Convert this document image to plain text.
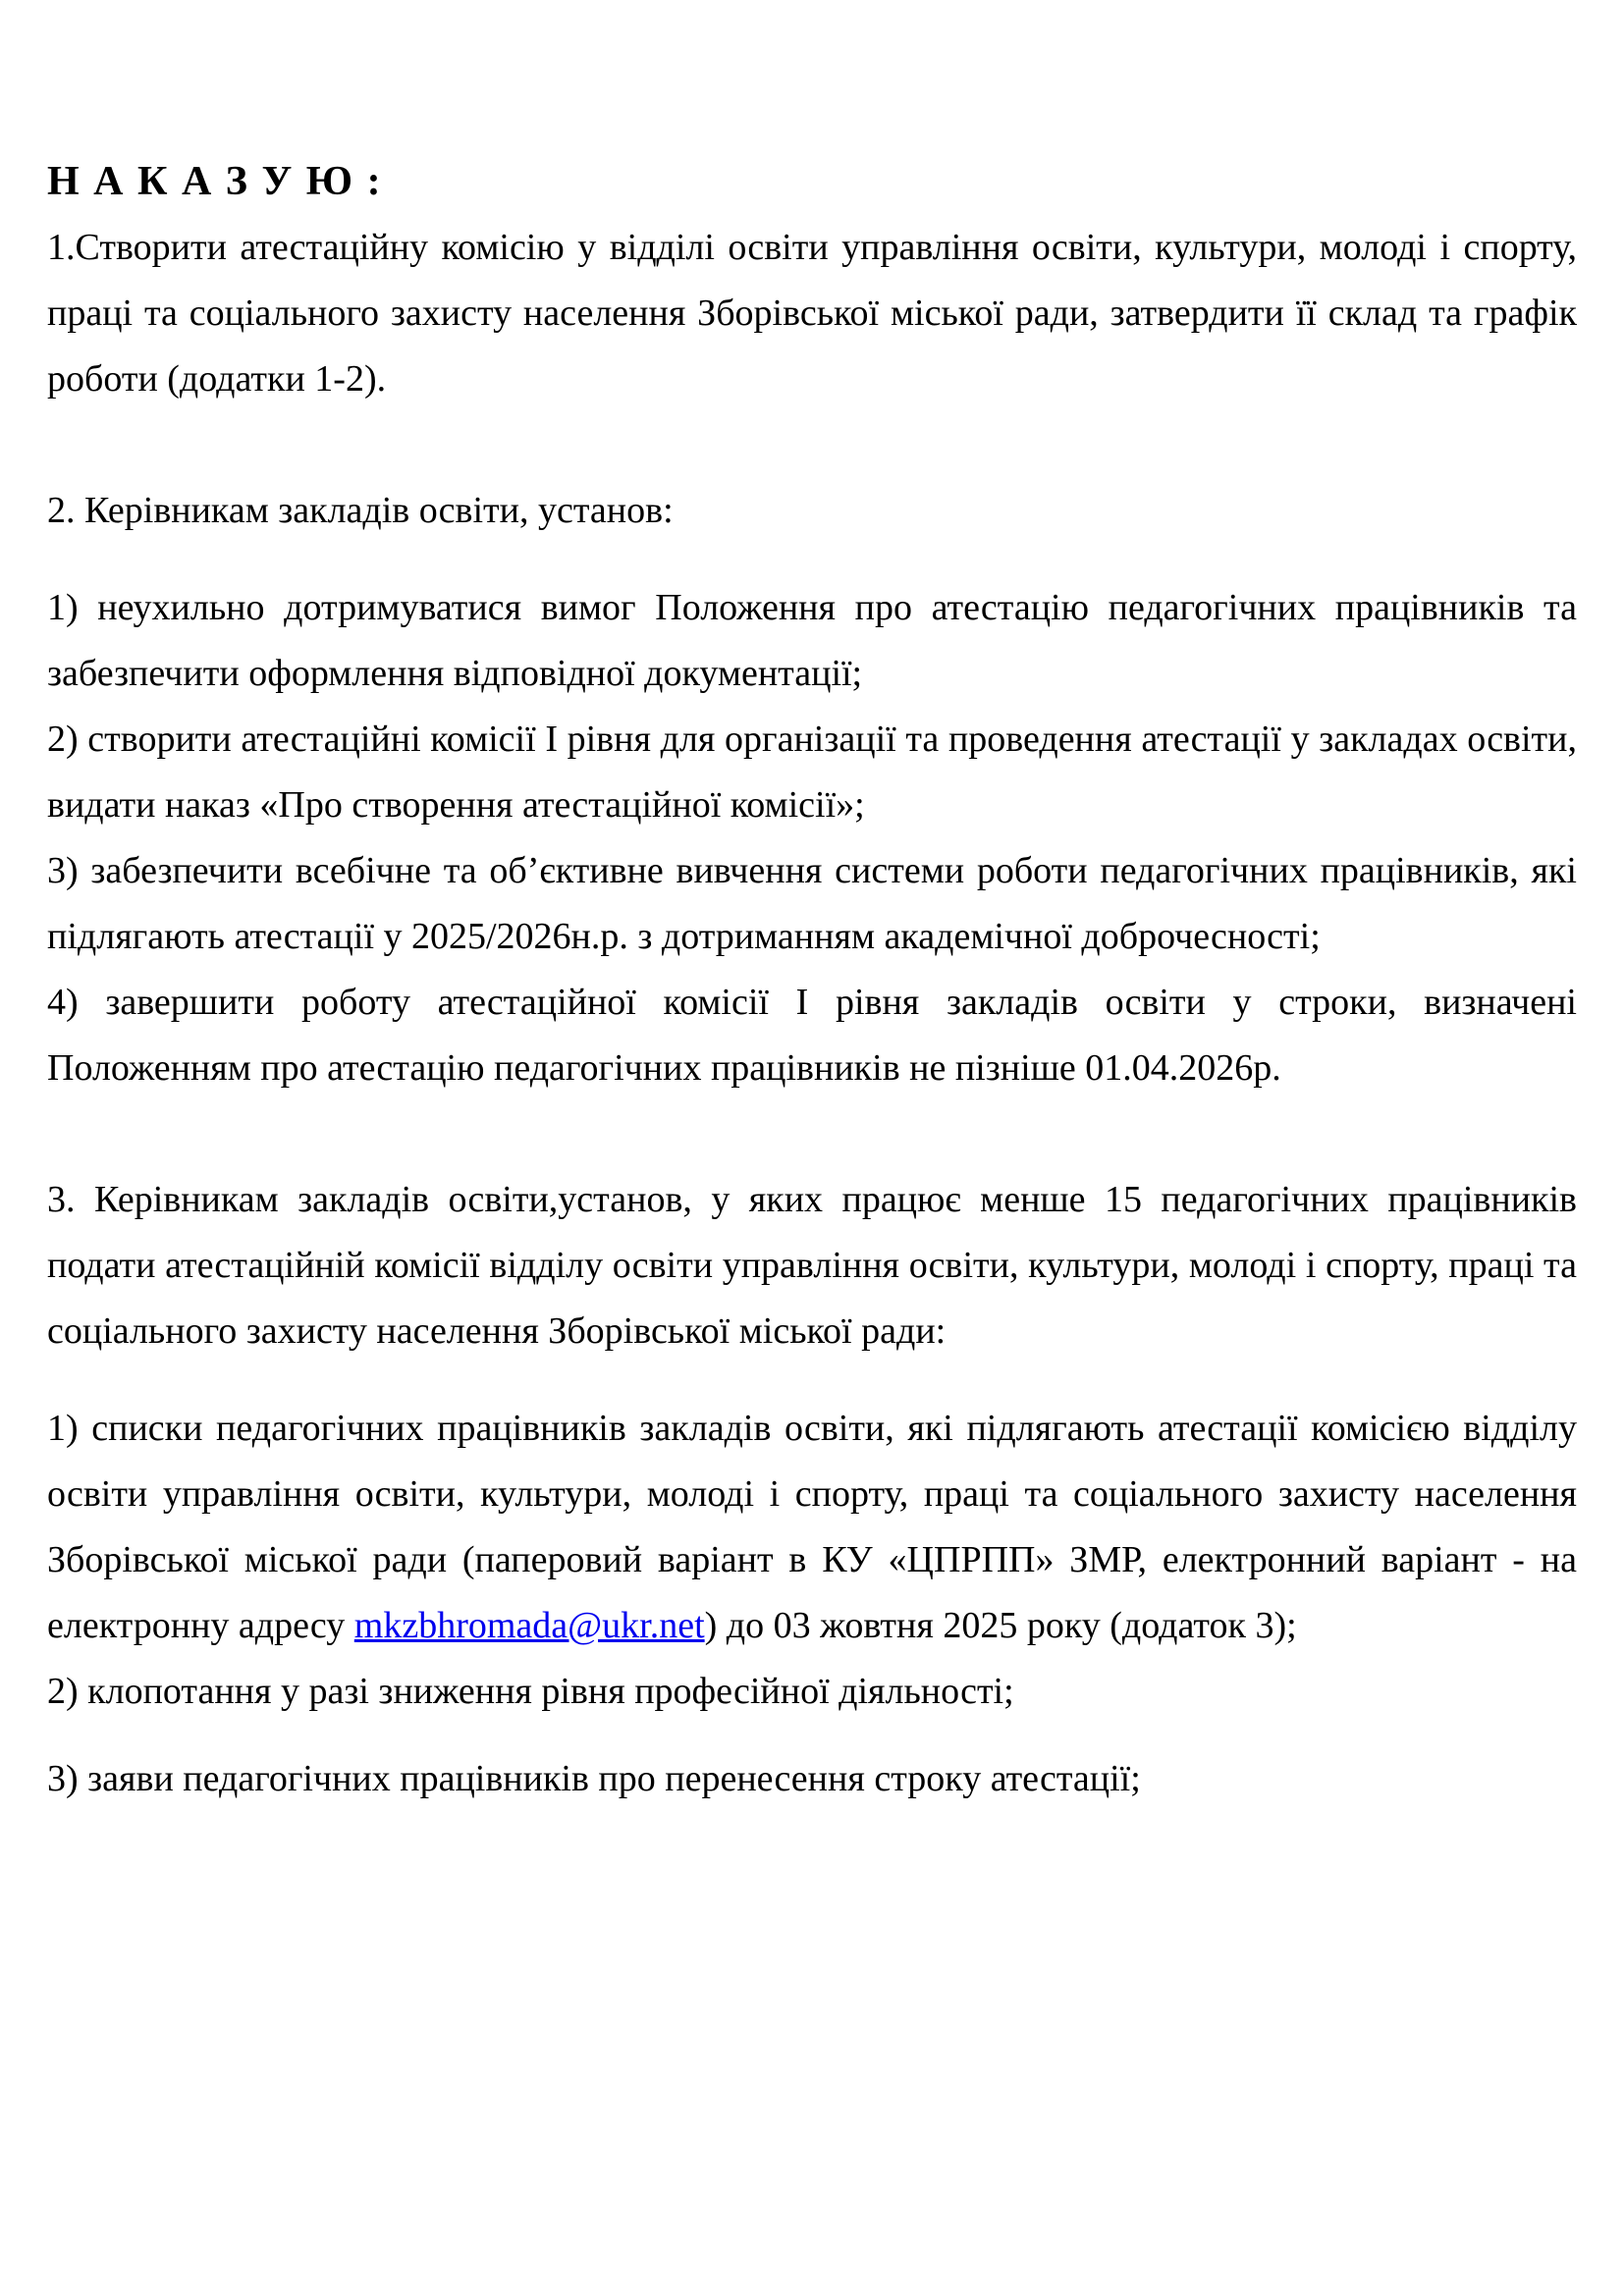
Н А К А З У Ю :

1.Створити атестаційну комісію у відділі освіти управління освіти, культури, молоді і спорту, праці та соціального захисту населення Зборівської міської ради, затвердити її склад та графік роботи (додатки 1-2).

2. Керівникам закладів освіти, установ:

1) неухильно дотримуватися вимог Положення про атестацію педагогічних працівників та забезпечити оформлення відповідної документації;

2) створити атестаційні комісії І рівня для організації та проведення атестації у закладах освіти, видати наказ «Про створення атестаційної комісії»;

3) забезпечити всебічне та об’єктивне вивчення системи роботи педагогічних працівників, які підлягають атестації у 2025/2026н.р. з дотриманням академічної доброчесності;

4) завершити роботу атестаційної комісії І рівня закладів освіти у строки, визначені Положенням про атестацію педагогічних працівників не пізніше 01.04.2026р.

3. Керівникам закладів освіти,установ, у яких працює менше 15 педагогічних працівників подати атестаційній комісії відділу освіти управління освіти, культури, молоді і спорту, праці та соціального захисту населення Зборівської міської ради:

1) списки педагогічних працівників закладів освіти, які підлягають атестації комісією відділу освіти управління освіти, культури, молоді і спорту, праці та соціального захисту населення Зборівської міської ради (паперовий варіант в КУ «ЦПРПП» ЗМР, електронний варіант - на електронну адресу mkzbhromada@ukr.net) до 03 жовтня 2025 року (додаток 3);

2) клопотання у разі зниження рівня професійної діяльності;

3) заяви педагогічних працівників про перенесення строку атестації;
